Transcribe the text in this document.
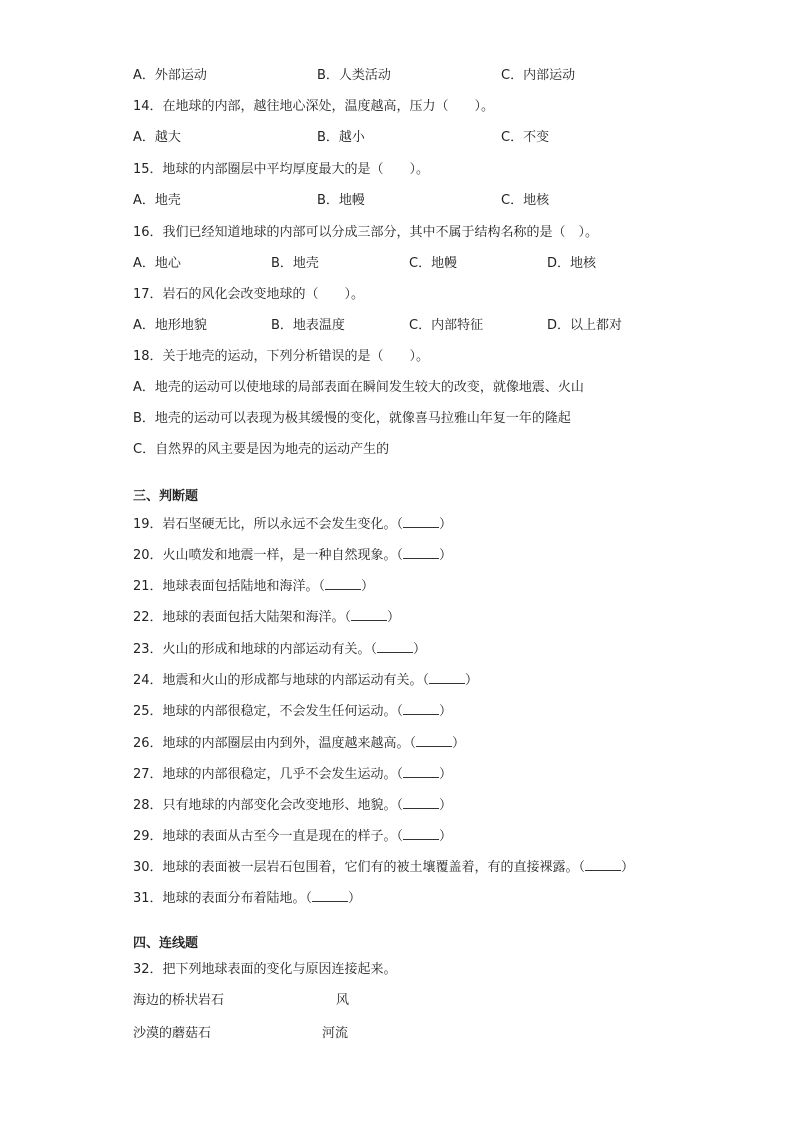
A．外部运动	B．人类活动	C．内部运动
14．在地球的内部，越往地心深处，温度越高，压力（　　）。
A．越大	B．越小	C．不变
15．地球的内部圈层中平均厚度最大的是（　　）。
A．地壳	B．地幔	C．地核
16．我们已经知道地球的内部可以分成三部分，其中不属于结构名称的是（　）。
A．地心	B．地壳	C．地幔	D．地核
17．岩石的风化会改变地球的（　　）。
A．地形地貌	B．地表温度	C．内部特征	D．以上都对
18．关于地壳的运动，下列分析错误的是（　　）。
A．地壳的运动可以使地球的局部表面在瞬间发生较大的改变，就像地震、火山
B．地壳的运动可以表现为极其缓慢的变化，就像喜马拉雅山年复一年的隆起
C．自然界的风主要是因为地壳的运动产生的
三、判断题
19．岩石坚硬无比，所以永远不会发生变化。（	）
20．火山喷发和地震一样，是一种自然现象。（	）
21．地球表面包括陆地和海洋。（	）
22．地球的表面包括大陆架和海洋。（	）
23．火山的形成和地球的内部运动有关。（	）
24．地震和火山的形成都与地球的内部运动有关。（	）
25．地球的内部很稳定，不会发生任何运动。（	）
26．地球的内部圈层由内到外，温度越来越高。（	）
27．地球的内部很稳定，几乎不会发生运动。（	）
28．只有地球的内部变化会改变地形、地貌。（	）
29．地球的表面从古至今一直是现在的样子。（	）
30．地球的表面被一层岩石包围着，它们有的被土壤覆盖着，有的直接裸露。（	）
31．地球的表面分布着陆地。（	）
四、连线题
32．把下列地球表面的变化与原因连接起来。
海边的桥状岩石	风
沙漠的蘑菇石	河流
